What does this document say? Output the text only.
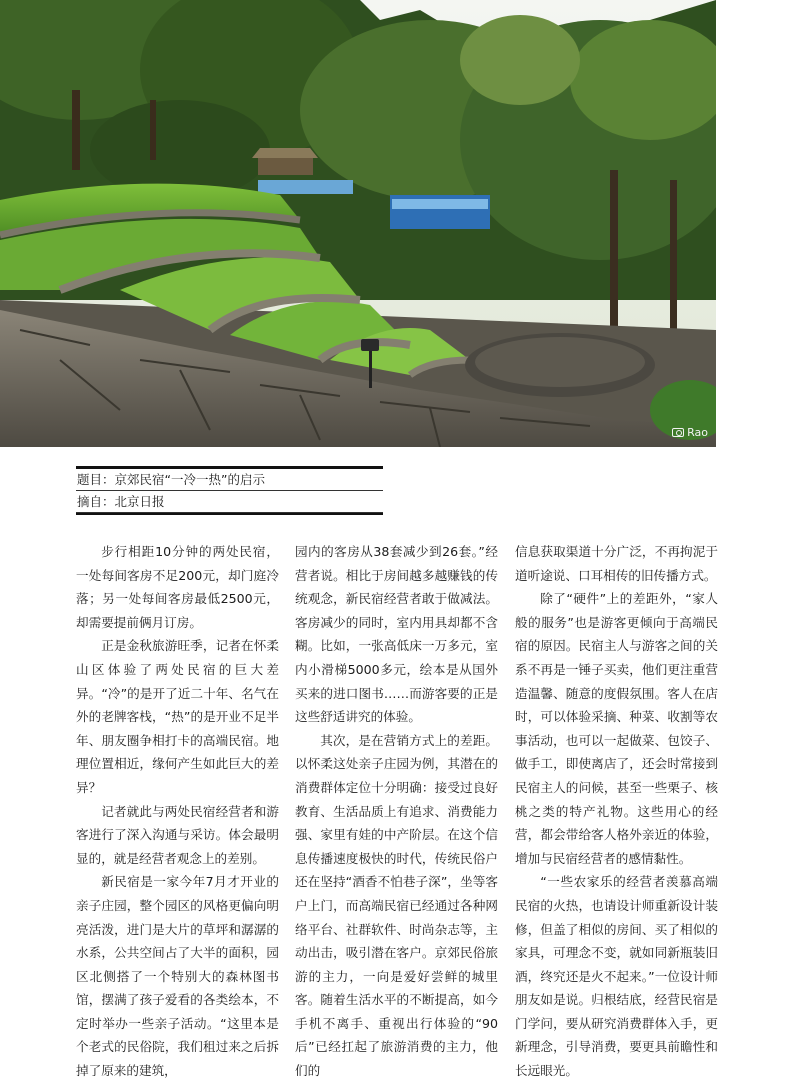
Rao
题目：京郊民宿“一冷一热”的启示
摘自：北京日报

步行相距10分钟的两处民宿，一处每间客房不足200元，却门庭冷落；另一处每间客房最低2500元，却需要提前俩月订房。

正是金秋旅游旺季，记者在怀柔山区体验了两处民宿的巨大差异。“冷”的是开了近二十年、名气在外的老牌客栈，“热”的是开业不足半年、朋友圈争相打卡的高端民宿。地理位置相近，缘何产生如此巨大的差异？

记者就此与两处民宿经营者和游客进行了深入沟通与采访。体会最明显的，就是经营者观念上的差别。

新民宿是一家今年7月才开业的亲子庄园，整个园区的风格更偏向明亮活泼，进门是大片的草坪和潺潺的水系，公共空间占了大半的面积，园区北侧搭了一个特别大的森林图书馆，摆满了孩子爱看的各类绘本，不定时举办一些亲子活动。“这里本是个老式的民俗院，我们租过来之后拆掉了原来的建筑，

园内的客房从38套减少到26套。”经营者说。相比于房间越多越赚钱的传统观念，新民宿经营者敢于做减法。客房减少的同时，室内用具却都不含糊。比如，一张高低床一万多元，室内小滑梯5000多元，绘本是从国外买来的进口图书……而游客要的正是这些舒适讲究的体验。

其次，是在营销方式上的差距。以怀柔这处亲子庄园为例，其潜在的消费群体定位十分明确：接受过良好教育、生活品质上有追求、消费能力强、家里有娃的中产阶层。在这个信息传播速度极快的时代，传统民俗户还在坚持“酒香不怕巷子深”，坐等客户上门，而高端民宿已经通过各种网络平台、社群软件、时尚杂志等，主动出击，吸引潜在客户。京郊民俗旅游的主力，一向是爱好尝鲜的城里客。随着生活水平的不断提高，如今手机不离手、重视出行体验的“90后”已经扛起了旅游消费的主力，他们的

信息获取渠道十分广泛，不再拘泥于道听途说、口耳相传的旧传播方式。

除了“硬件”上的差距外，“家人般的服务”也是游客更倾向于高端民宿的原因。民宿主人与游客之间的关系不再是一锤子买卖，他们更注重营造温馨、随意的度假氛围。客人在店时，可以体验采摘、种菜、收割等农事活动，也可以一起做菜、包饺子、做手工，即使离店了，还会时常接到民宿主人的问候，甚至一些栗子、核桃之类的特产礼物。这些用心的经营，都会带给客人格外亲近的体验，增加与民宿经营者的感情黏性。

“一些农家乐的经营者羡慕高端民宿的火热，也请设计师重新设计装修，但盖了相似的房间、买了相似的家具，可理念不变，就如同新瓶装旧酒，终究还是火不起来。”一位设计师朋友如是说。归根结底，经营民宿是门学问，要从研究消费群体入手，更新理念，引导消费，要更具前瞻性和长远眼光。
